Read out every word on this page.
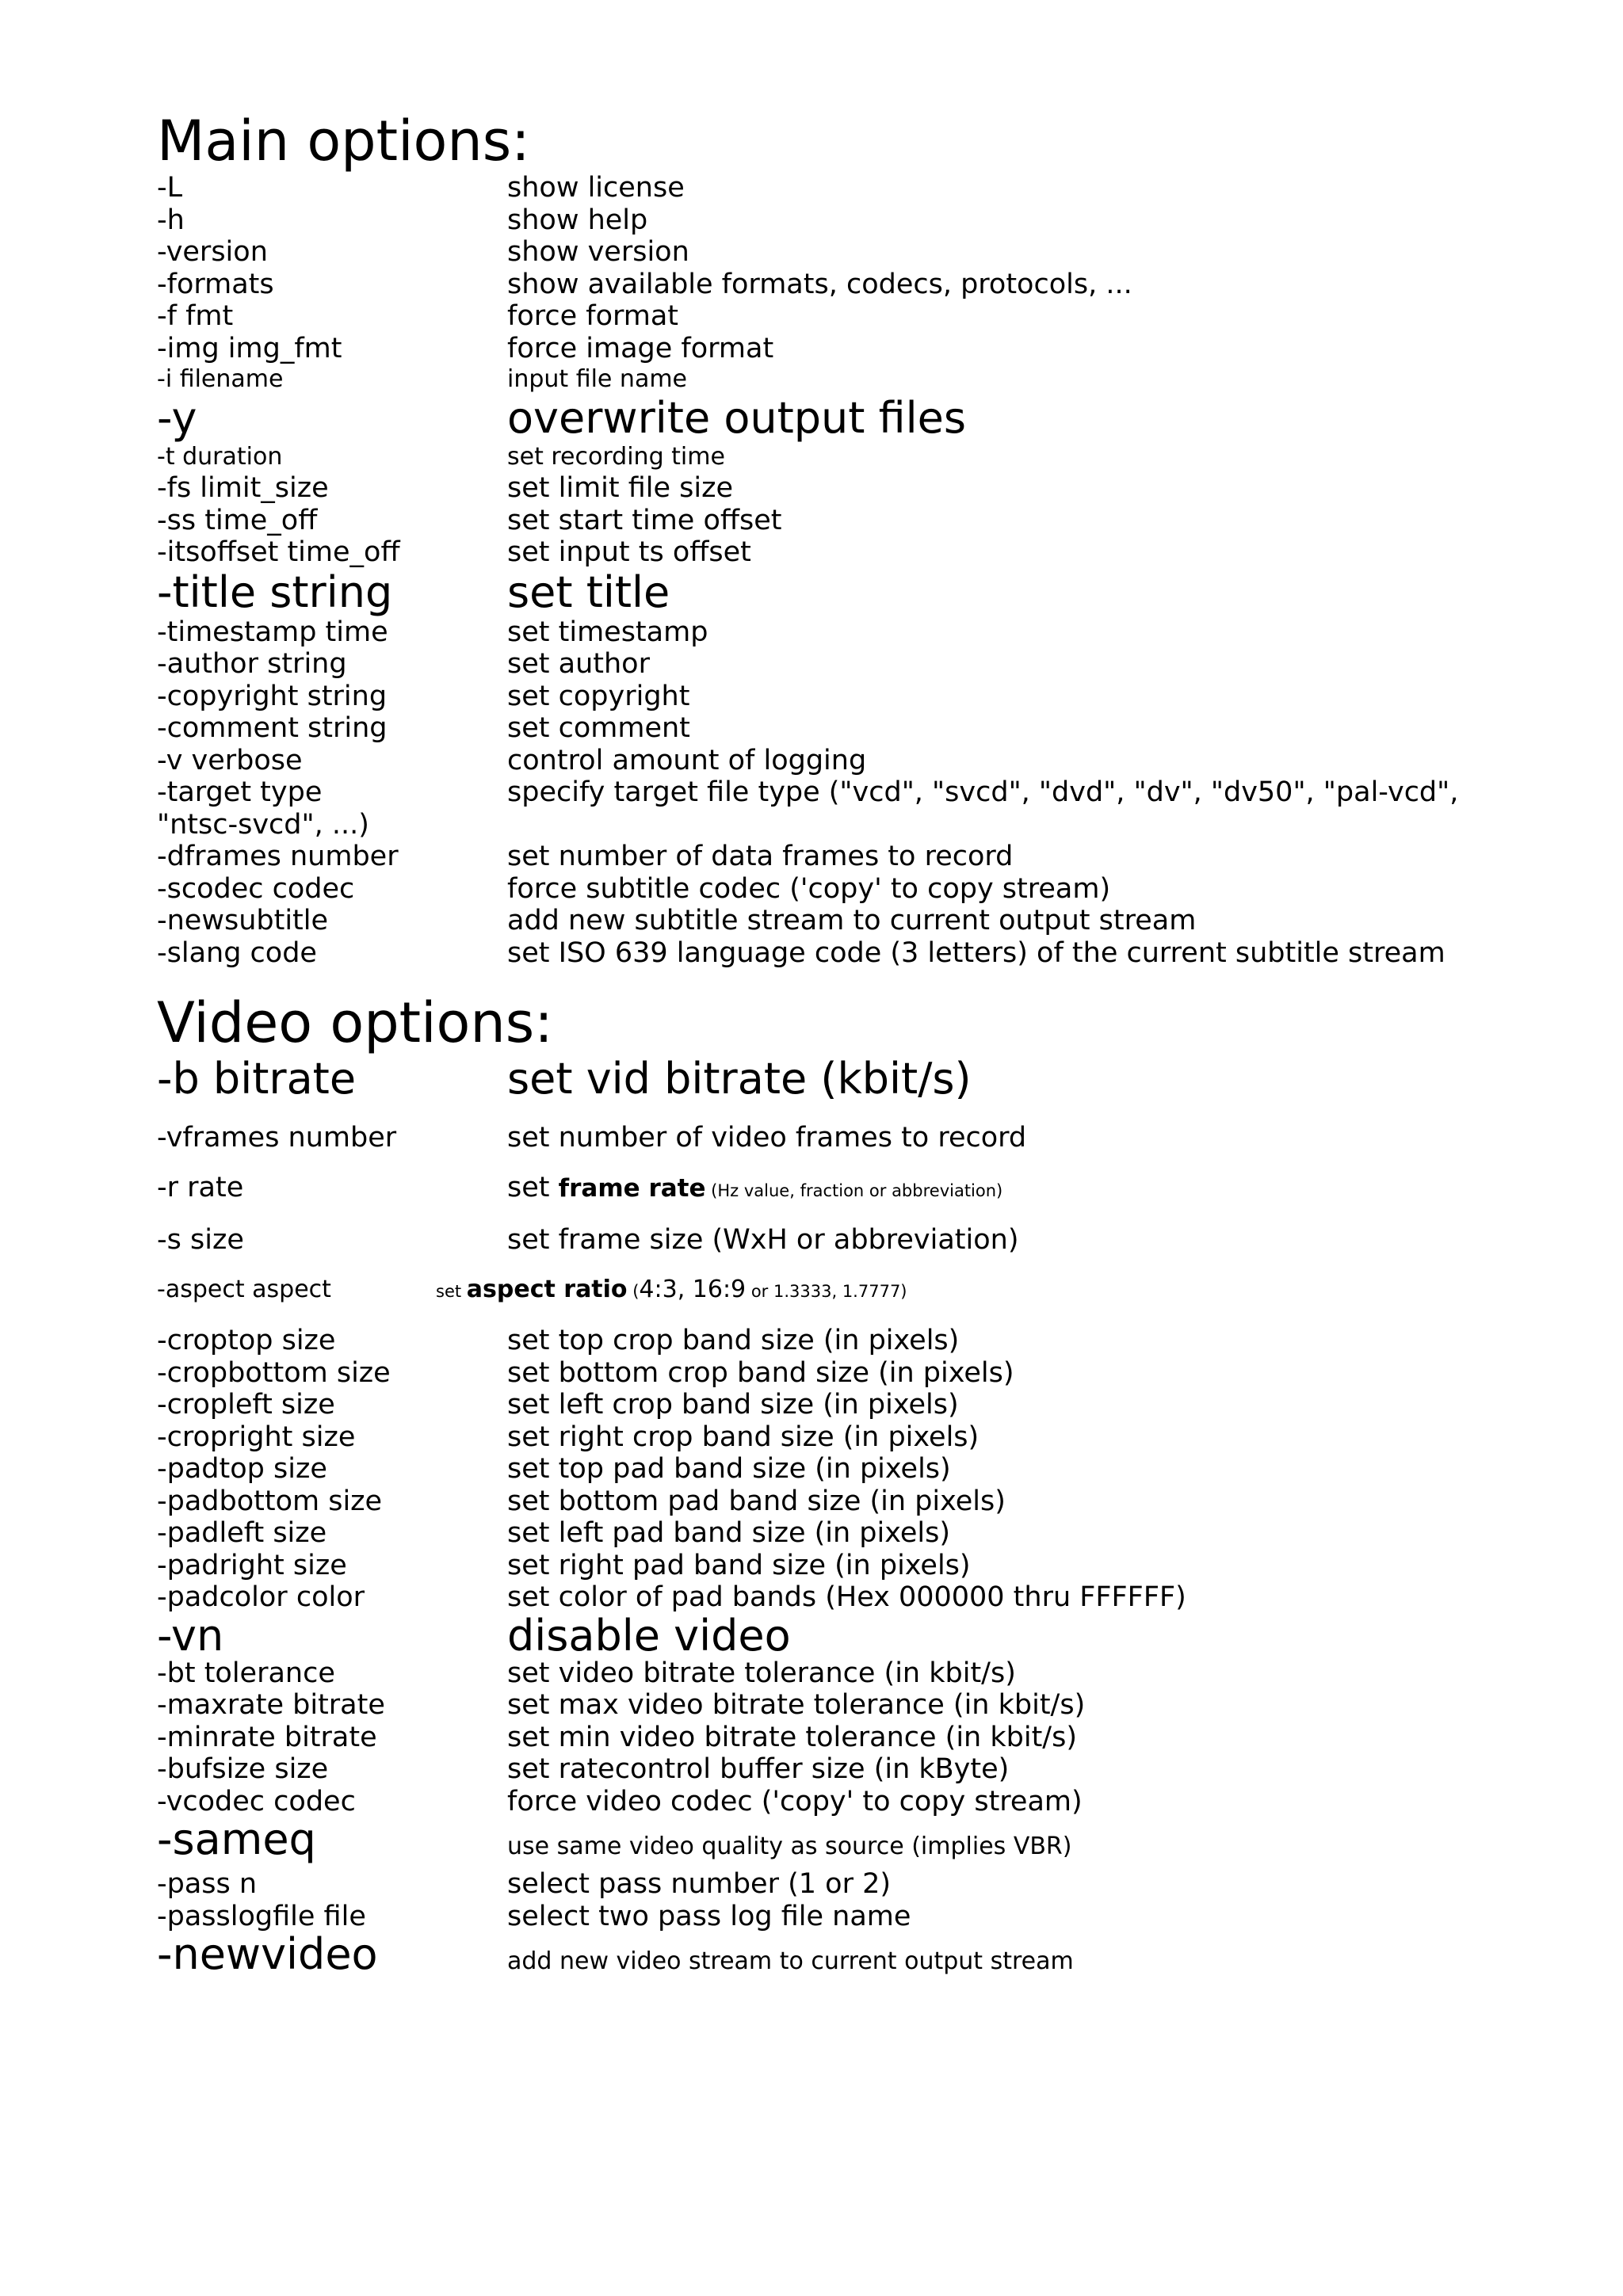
Main options:
-L	show license
-h	show help
-version	show version
-formats	show available formats, codecs, protocols, ...
-f fmt	force format
-img img_fmt	force image format
-i filename	input file name
-y	overwrite output files
-t duration	set recording time
-fs limit_size	set limit file size
-ss time_off	set start time offset
-itsoffset time_off	set input ts offset
-title string	set title
-timestamp time	set timestamp
-author string	set author
-copyright string	set copyright
-comment string	set comment
-v verbose	control amount of logging
-target type	specify target file type ("vcd", "svcd", "dvd", "dv", "dv50", "pal-vcd",
"ntsc-svcd", ...)
-dframes number	set number of data frames to record
-scodec codec	force subtitle codec ('copy' to copy stream)
-newsubtitle	add new subtitle stream to current output stream
-slang code	set ISO 639 language code (3 letters) of the current subtitle stream
Video options:
-b bitrate	set vid bitrate (kbit/s)
-vframes number	set number of video frames to record
-r rate	set frame rate (Hz value, fraction or abbreviation)
-s size	set frame size (WxH or abbreviation)
-aspect aspect	set aspect ratio (4:3, 16:9 or 1.3333, 1.7777)
-croptop size	set top crop band size (in pixels)
-cropbottom size	set bottom crop band size (in pixels)
-cropleft size	set left crop band size (in pixels)
-cropright size	set right crop band size (in pixels)
-padtop size	set top pad band size (in pixels)
-padbottom size	set bottom pad band size (in pixels)
-padleft size	set left pad band size (in pixels)
-padright size	set right pad band size (in pixels)
-padcolor color	set color of pad bands (Hex 000000 thru FFFFFF)
-vn	disable video
-bt tolerance	set video bitrate tolerance (in kbit/s)
-maxrate bitrate	set max video bitrate tolerance (in kbit/s)
-minrate bitrate	set min video bitrate tolerance (in kbit/s)
-bufsize size	set ratecontrol buffer size (in kByte)
-vcodec codec	force video codec ('copy' to copy stream)
-sameq	use same video quality as source (implies VBR)
-pass n	select pass number (1 or 2)
-passlogfile file	select two pass log file name
-newvideo	add new video stream to current output stream
